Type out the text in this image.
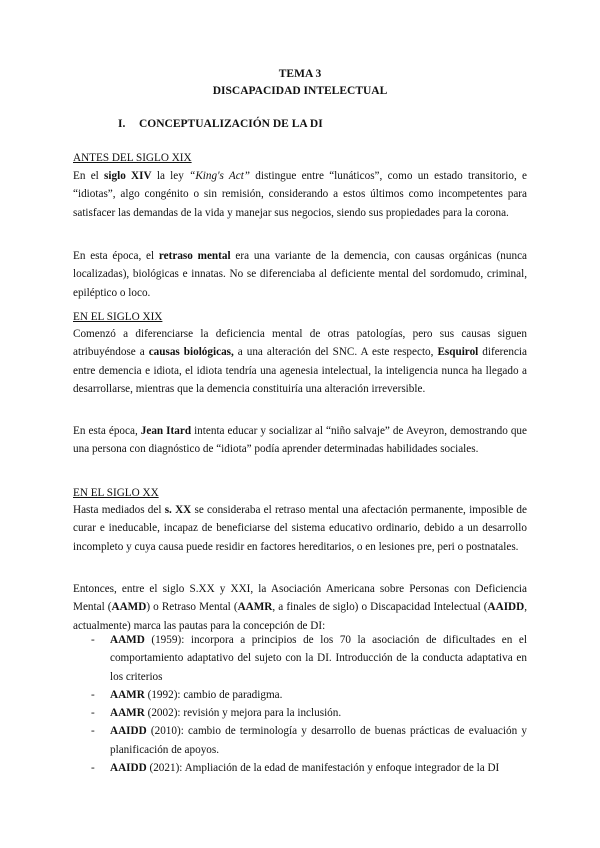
TEMA 3
DISCAPACIDAD INTELECTUAL
I. CONCEPTUALIZACIÓN DE LA DI
ANTES DEL SIGLO XIX
En el siglo XIV la ley “King's Act” distingue entre “lunáticos”, como un estado transitorio, e “idiotas”, algo congénito o sin remisión, considerando a estos últimos como incompetentes para satisfacer las demandas de la vida y manejar sus negocios, siendo sus propiedades para la corona.
En esta época, el retraso mental era una variante de la demencia, con causas orgánicas (nunca localizadas), biológicas e innatas. No se diferenciaba al deficiente mental del sordomudo, criminal, epiléptico o loco.
EN EL SIGLO XIX
Comenzó a diferenciarse la deficiencia mental de otras patologías, pero sus causas siguen atribuyéndose a causas biológicas, a una alteración del SNC. A este respecto, Esquirol diferencia entre demencia e idiota, el idiota tendría una agenesia intelectual, la inteligencia nunca ha llegado a desarrollarse, mientras que la demencia constituiría una alteración irreversible.
En esta época, Jean Itard intenta educar y socializar al “niño salvaje” de Aveyron, demostrando que una persona con diagnóstico de “idiota” podía aprender determinadas habilidades sociales.
EN EL SIGLO XX
Hasta mediados del s. XX se consideraba el retraso mental una afectación permanente, imposible de curar e ineducable, incapaz de beneficiarse del sistema educativo ordinario, debido a un desarrollo incompleto y cuya causa puede residir en factores hereditarios, o en lesiones pre, peri o postnatales.
Entonces, entre el siglo S.XX y XXI, la Asociación Americana sobre Personas con Deficiencia Mental (AAMD) o Retraso Mental (AAMR, a finales de siglo) o Discapacidad Intelectual (AAIDD, actualmente) marca las pautas para la concepción de DI:
- AAMD (1959): incorpora a principios de los 70 la asociación de dificultades en el comportamiento adaptativo del sujeto con la DI. Introducción de la conducta adaptativa en los criterios
- AAMR (1992): cambio de paradigma.
- AAMR (2002): revisión y mejora para la inclusión.
- AAIDD (2010): cambio de terminología y desarrollo de buenas prácticas de evaluación y planificación de apoyos.
- AAIDD (2021): Ampliación de la edad de manifestación y enfoque integrador de la DI
